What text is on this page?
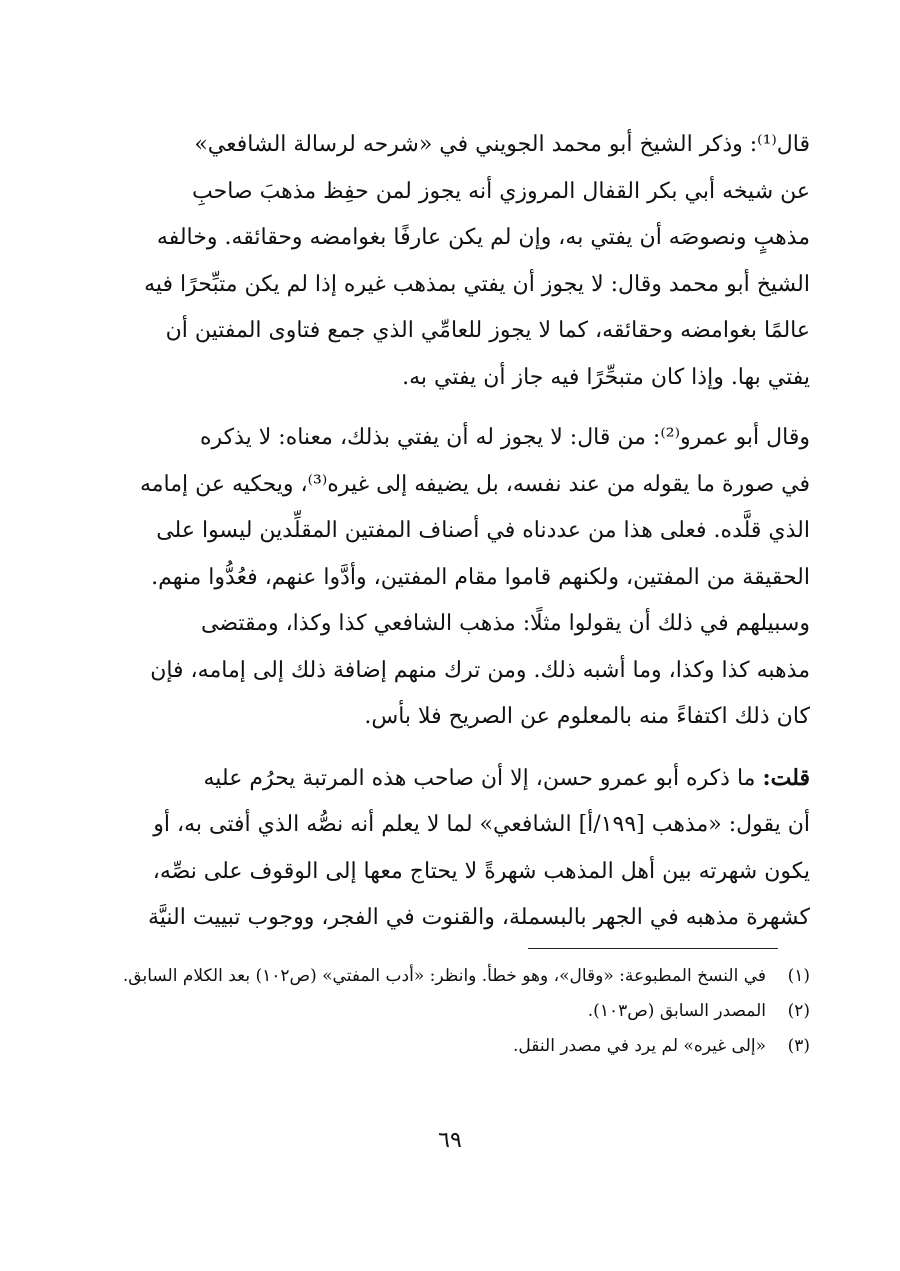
قال⁽¹⁾: وذكر الشيخ أبو محمد الجويني في «شرحه لرسالة الشافعي»
عن شيخه أبي بكر القفال المروزي أنه يجوز لمن حفِظ مذهبَ صاحبِ
مذهبٍ ونصوصَه أن يفتي به، وإن لم يكن عارفًا بغوامضه وحقائقه. وخالفه
الشيخ أبو محمد وقال: لا يجوز أن يفتي بمذهب غيره إذا لم يكن متبِّحرًا فيه
عالمًا بغوامضه وحقائقه، كما لا يجوز للعامِّي الذي جمع فتاوى المفتين أن
يفتي بها. وإذا كان متبحِّرًا فيه جاز أن يفتي به.

وقال أبو عمرو⁽²⁾: من قال: لا يجوز له أن يفتي بذلك، معناه: لا يذكره
في صورة ما يقوله من عند نفسه، بل يضيفه إلى غيره⁽³⁾، ويحكيه عن إمامه
الذي قلَّده. فعلى هذا من عددناه في أصناف المفتين المقلِّدين ليسوا على
الحقيقة من المفتين، ولكنهم قاموا مقام المفتين، وأدَّوا عنهم، فعُدُّوا منهم.
وسبيلهم في ذلك أن يقولوا مثلًا: مذهب الشافعي كذا وكذا، ومقتضى
مذهبه كذا وكذا، وما أشبه ذلك. ومن ترك منهم إضافة ذلك إلى إمامه، فإن
كان ذلك اكتفاءً منه بالمعلوم عن الصريح فلا بأس.

قلت: ما ذكره أبو عمرو حسن، إلا أن صاحب هذه المرتبة يحرُم عليه
أن يقول: «مذهب [١٩٩/أ] الشافعي» لما لا يعلم أنه نصُّه الذي أفتى به، أو
يكون شهرته بين أهل المذهب شهرةً لا يحتاج معها إلى الوقوف على نصِّه،
كشهرة مذهبه في الجهر بالبسملة، والقنوت في الفجر، ووجوب تبييت النيَّة

(١)
في النسخ المطبوعة: «وقال»، وهو خطأ. وانظر: «أدب المفتي» (ص١٠٢) بعد الكلام السابق.
(٢)
المصدر السابق (ص١٠٣).
(٣)
«إلى غيره» لم يرد في مصدر النقل.
٦٩
